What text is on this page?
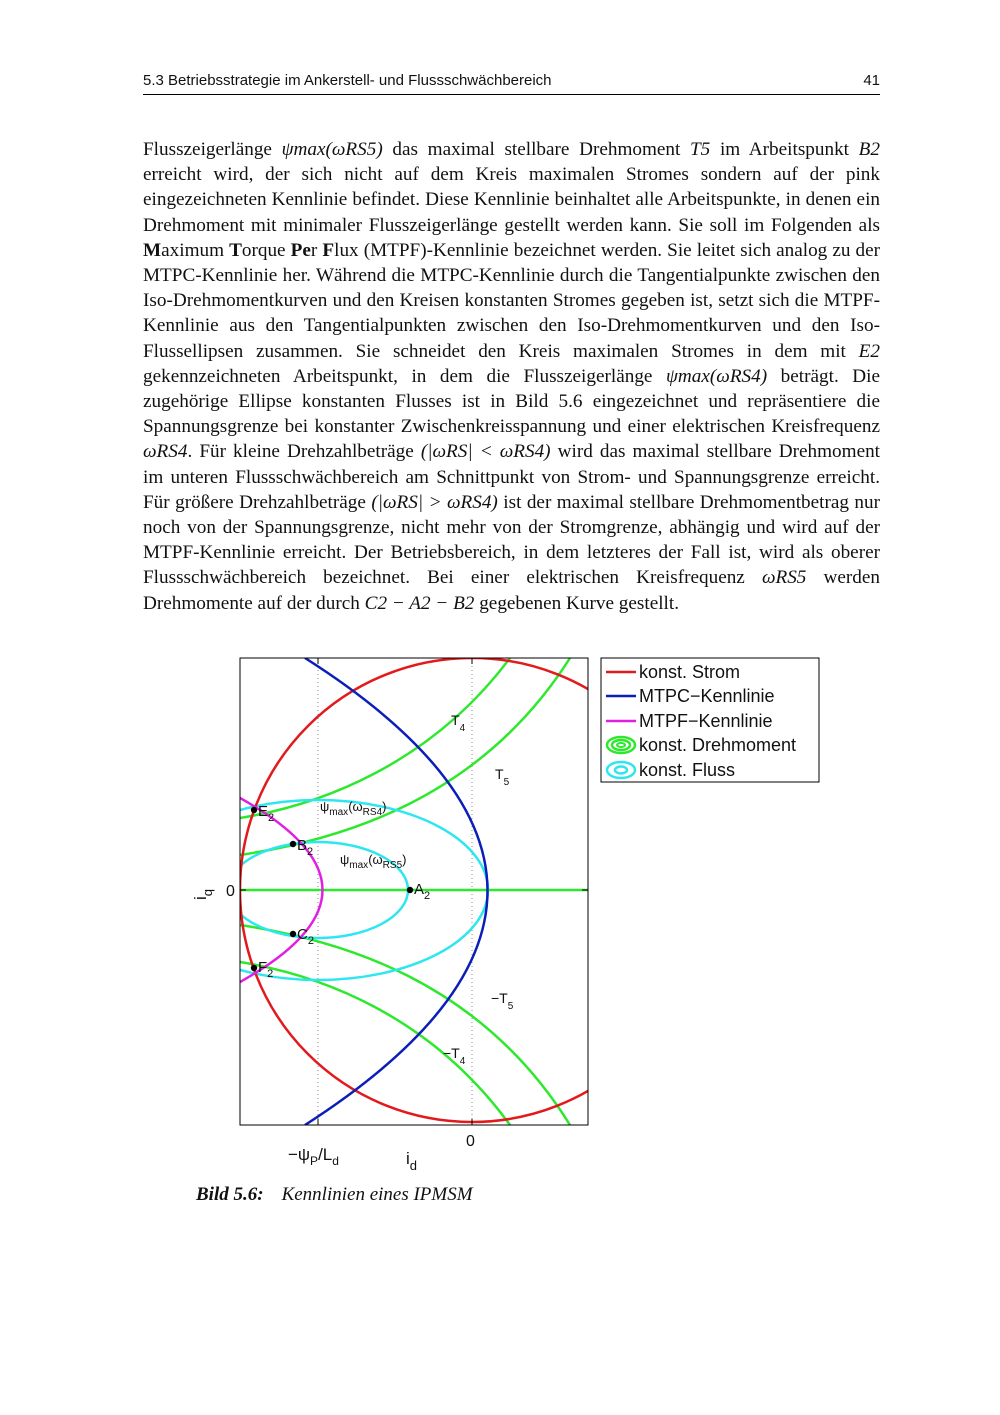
5.3 Betriebsstrategie im Ankerstell- und Flussschwächbereich	41

Flusszeigerlänge ψmax(ωRS5) das maximal stellbare Drehmoment T5 im Arbeitspunkt B2 erreicht wird, der sich nicht auf dem Kreis maximalen Stromes sondern auf der pink eingezeichneten Kennlinie befindet. Diese Kennlinie beinhaltet alle Arbeitspunkte, in denen ein Drehmoment mit minimaler Flusszeigerlänge gestellt werden kann. Sie soll im Folgenden als Maximum Torque Per Flux (MTPF)-Kennlinie bezeichnet werden. Sie leitet sich analog zu der MTPC-Kennlinie her. Während die MTPC-Kennlinie durch die Tangentialpunkte zwischen den Iso-Drehmomentkurven und den Kreisen konstanten Stromes gegeben ist, setzt sich die MTPF-Kennlinie aus den Tangentialpunkten zwischen den Iso-Drehmomentkurven und den Iso-Flussellipsen zusammen. Sie schneidet den Kreis maximalen Stromes in dem mit E2 gekennzeichneten Arbeitspunkt, in dem die Flusszeigerlänge ψmax(ωRS4) beträgt. Die zugehörige Ellipse konstanten Flusses ist in Bild 5.6 eingezeichnet und repräsentiere die Spannungsgrenze bei konstanter Zwischenkreisspannung und einer elektrischen Kreisfrequenz ωRS4. Für kleine Drehzahlbeträge (|ωRS| < ωRS4) wird das maximal stellbare Drehmoment im unteren Flussschwächbereich am Schnittpunkt von Strom- und Spannungsgrenze erreicht. Für größere Drehzahlbeträge (|ωRS| > ωRS4) ist der maximal stellbare Drehmomentbetrag nur noch von der Spannungsgrenze, nicht mehr von der Stromgrenze, abhängig und wird auf der MTPF-Kennlinie erreicht. Der Betriebsbereich, in dem letzteres der Fall ist, wird als oberer Flussschwächbereich bezeichnet. Bei einer elektrischen Kreisfrequenz ωRS5 werden Drehmomente auf der durch C2 − A2 − B2 gegebenen Kurve gestellt.

$E_2$
$B_2$
$A_2$
$C_2$
$F_2$
$T_4$
$T_5$
$-T_5$
$-T_4$
$\psi_{max}(\omega_{RS4})$
$\psi_{max}(\omega_{RS5})$
0
0
$-\psi_P/L_d$	$i_d$
$i_q$
konst. Strom
MTPC−Kennlinie
MTPF−Kennlinie
konst. Drehmoment
konst. Fluss
Bild 5.6: Kennlinien eines IPMSM
